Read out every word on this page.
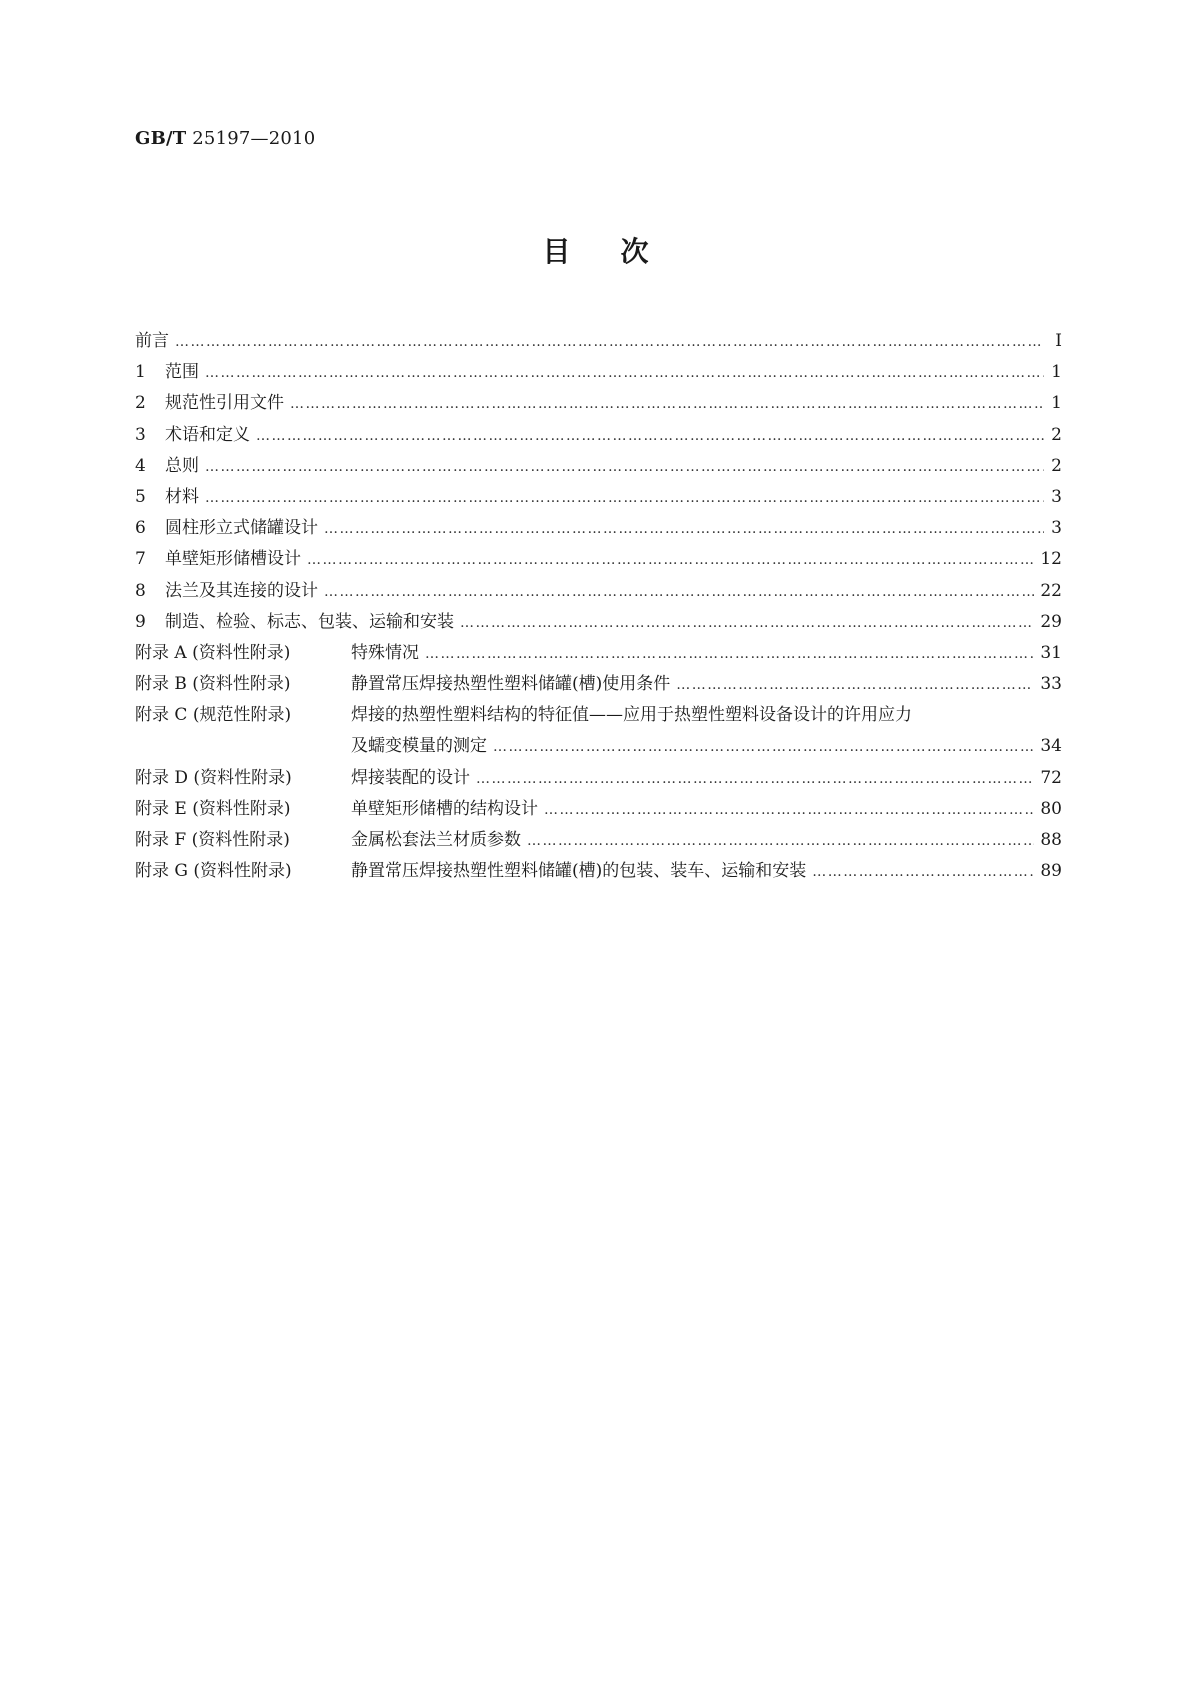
GB/T 25197—2010
目次
前言 ………………………………………………………………………………………………………………………………………………………………………………………………	Ⅰ
1 范围 ………………………………………………………………………………………………………………………………………………………………………………………………	1
2 规范性引用文件 ………………………………………………………………………………………………………………………………………………………………………………………………	1
3 术语和定义 ………………………………………………………………………………………………………………………………………………………………………………………………	2
4 总则 ………………………………………………………………………………………………………………………………………………………………………………………………	2
5 材料 ………………………………………………………………………………………………………………………………………………………………………………………………	3
6 圆柱形立式储罐设计 ………………………………………………………………………………………………………………………………………………………………………………………………	3
7 单壁矩形储槽设计 ………………………………………………………………………………………………………………………………………………………………………………………………	12
8 法兰及其连接的设计 ………………………………………………………………………………………………………………………………………………………………………………………………	22
9 制造、检验、标志、包装、运输和安装 ………………………………………………………………………………………………………………………………………………………………………………………………	29
附录 A (资料性附录)	特殊情况 ………………………………………………………………………………………………………………………………………………………………………………………………	31
附录 B (资料性附录)	静置常压焊接热塑性塑料储罐(槽)使用条件 ………………………………………………………………………………………………………………………………………………………………………………………………	33
附录 C (规范性附录)	焊接的热塑性塑料结构的特征值——应用于热塑性塑料设备设计的许用应力
及蠕变模量的测定 ………………………………………………………………………………………………………………………………………………………………………………………………	34
附录 D (资料性附录)	焊接装配的设计 ………………………………………………………………………………………………………………………………………………………………………………………………	72
附录 E (资料性附录)	单壁矩形储槽的结构设计 ………………………………………………………………………………………………………………………………………………………………………………………………	80
附录 F (资料性附录)	金属松套法兰材质参数 ………………………………………………………………………………………………………………………………………………………………………………………………	88
附录 G (资料性附录)	静置常压焊接热塑性塑料储罐(槽)的包装、装车、运输和安装 ………………………………………………………………………………………………………………………………………………………………………………………………	89
